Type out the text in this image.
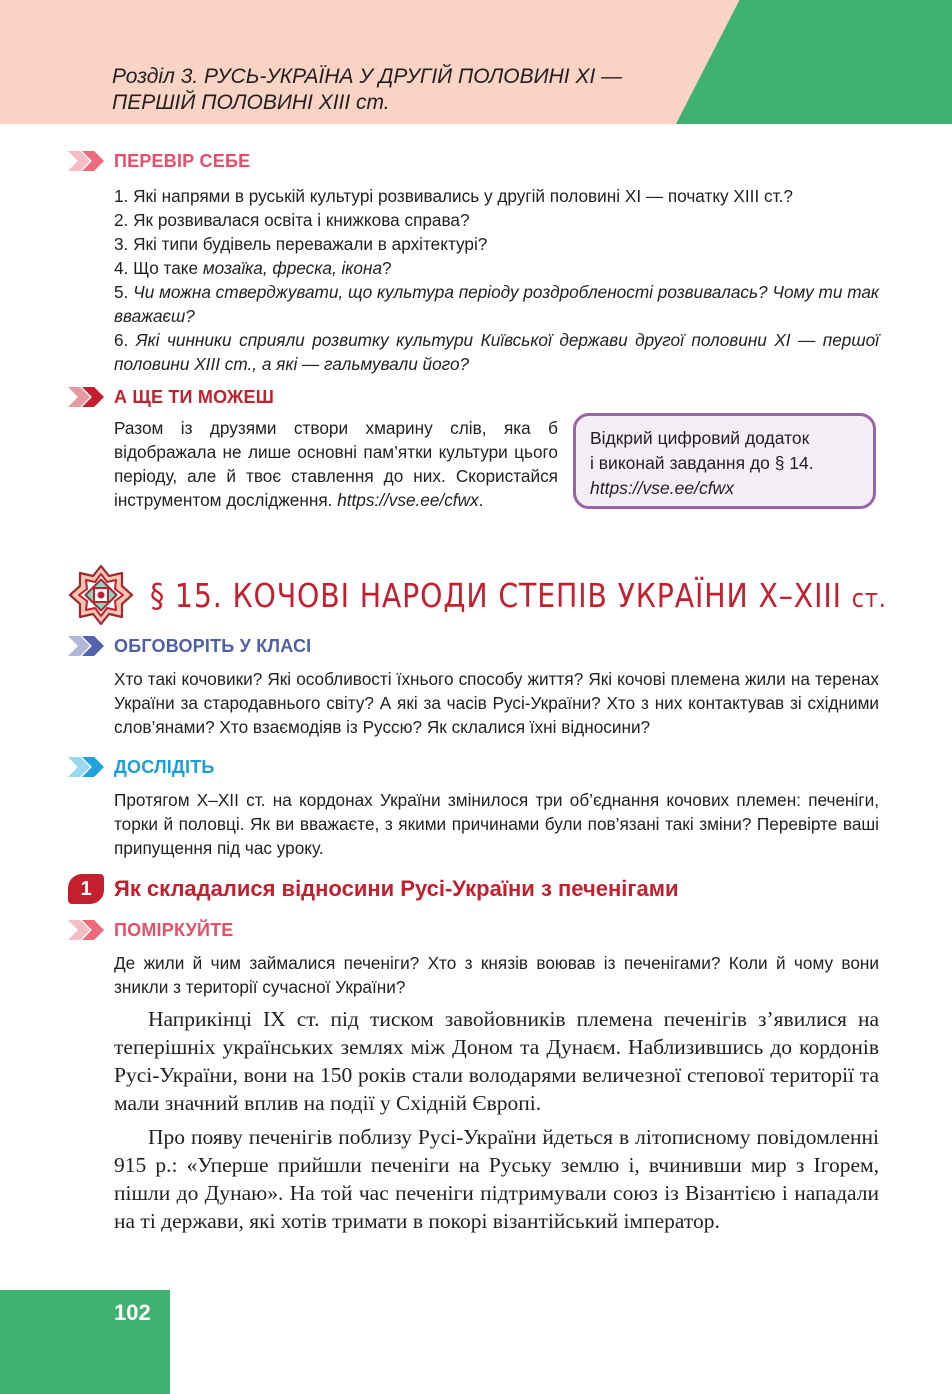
Розділ 3. РУСЬ-УКРАЇНА У ДРУГІЙ ПОЛОВИНІ XI —
ПЕРШІЙ ПОЛОВИНІ XIII ст.
ПЕРЕВІР СЕБЕ

1. Які напрями в руській культурі розвивались у другій половині XI — початку XIII ст.?

2. Як розвивалася освіта і книжкова справа?

3. Які типи будівель переважали в архітектурі?

4. Що таке мозаїка, фреска, ікона?

5. Чи можна стверджувати, що культура періоду роздробленості розвивалась? Чому ти так вважаєш?

6. Які чинники сприяли розвитку культури Київської держави другої половини XI — першої половини XIII ст., а які — гальмували його?

А ЩЕ ТИ МОЖЕШ

Разом із друзями створи хмарину слів, яка б відображала не лише основні пам’ятки культури цього періоду, але й твоє ставлення до них. Скористайся інструментом дослідження. https://vse.ee/cfwx.

Відкрий цифровий додаток
і виконай завдання до § 14.
https://vse.ee/cfwx
§ 15. КОЧОВІ НАРОДИ СТЕПІВ УКРАЇНИ X–XIII ст.
ОБГОВОРІТЬ У КЛАСІ

Хто такі кочовики? Які особливості їхнього способу життя? Які кочові племена жили на теренах України за стародавнього світу? А які за часів Русі-України? Хто з них контактував зі східними слов’янами? Хто взаємодіяв із Руссю? Як склалися їхні відносини?

ДОСЛІДІТЬ

Протягом X–XII ст. на кордонах України змінилося три об’єднання кочових племен: печеніги, торки й половці. Як ви вважаєте, з якими причинами були пов’язані такі зміни? Перевірте ваші припущення під час уроку.

1	Як складалися відносини Русі-України з печенігами
ПОМІРКУЙТЕ

Де жили й чим займалися печеніги? Хто з князів воював із печенігами? Коли й чому вони зникли з території сучасної України?

Наприкінці IX ст. під тиском завойовників племена печенігів з’явилися на теперішніх українських землях між Доном та Дунаєм. Наблизившись до кордонів Русі-України, вони на 150 років стали володарями величезної степової території та мали значний вплив на події у Східній Європі.

Про появу печенігів поблизу Русі-України йдеться в літописному повідомленні 915 р.: «Уперше прийшли печеніги на Руську землю і, вчинивши мир з Ігорем, пішли до Дунаю». На той час печеніги підтримували союз із Візантією і нападали на ті держави, які хотів тримати в покорі візантійський імператор.

102
